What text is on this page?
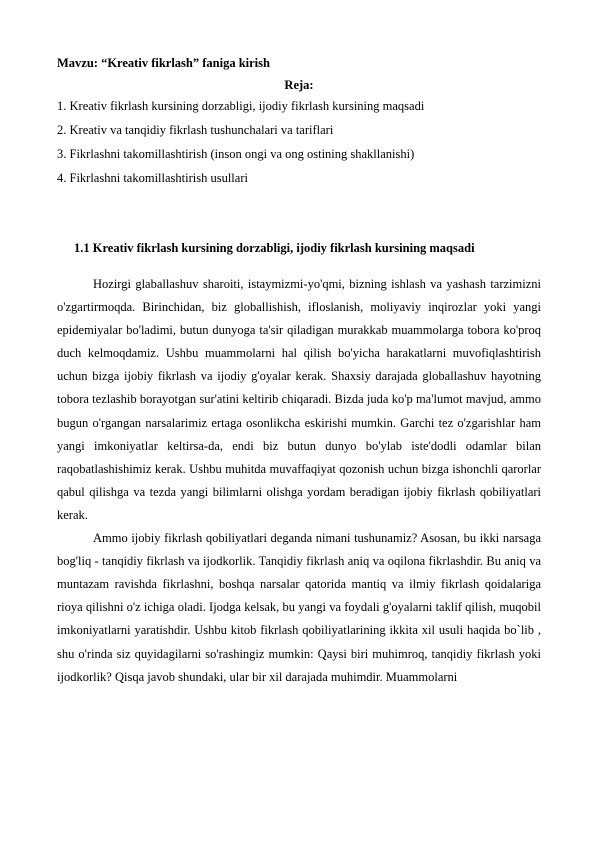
Mavzu: “Kreativ fikrlash” faniga kirish

Reja:

1. Kreativ fikrlash kursining dorzabligi, ijodiy fikrlash kursining maqsadi
2. Kreativ va tanqidiy fikrlash tushunchalari va tariflari
3. Fikrlashni takomillashtirish (inson ongi va ong ostining shakllanishi)
4. Fikrlashni takomillashtirish usullari
1.1 Kreativ fikrlash kursining dorzabligi, ijodiy fikrlash kursining maqsadi

Hozirgi glaballashuv sharoiti, istaymizmi-yo'qmi, bizning ishlash va yashash tarzimizni o'zgartirmoqda. Birinchidan, biz globallishish, ifloslanish, moliyaviy inqirozlar yoki yangi epidemiyalar bo'ladimi, butun dunyoga ta'sir qiladigan murakkab muammolarga tobora ko'proq duch kelmoqdamiz. Ushbu muammolarni hal qilish bo'yicha harakatlarni muvofiqlashtirish uchun bizga ijobiy fikrlash va ijodiy g'oyalar kerak. Shaxsiy darajada globallashuv hayotning tobora tezlashib borayotgan sur'atini keltirib chiqaradi. Bizda juda ko'p ma'lumot mavjud, ammo bugun o'rgangan narsalarimiz ertaga osonlikcha eskirishi mumkin. Garchi tez o'zgarishlar ham yangi imkoniyatlar keltirsa-da, endi biz butun dunyo bo'ylab iste'dodli odamlar bilan raqobatlashishimiz kerak. Ushbu muhitda muvaffaqiyat qozonish uchun bizga ishonchli qarorlar qabul qilishga va tezda yangi bilimlarni olishga yordam beradigan ijobiy fikrlash qobiliyatlari kerak.

Ammo ijobiy fikrlash qobiliyatlari deganda nimani tushunamiz? Asosan, bu ikki narsaga bog'liq - tanqidiy fikrlash va ijodkorlik. Tanqidiy fikrlash aniq va oqilona fikrlashdir. Bu aniq va muntazam ravishda fikrlashni, boshqa narsalar qatorida mantiq va ilmiy fikrlash qoidalariga rioya qilishni o'z ichiga oladi. Ijodga kelsak, bu yangi va foydali g'oyalarni taklif qilish, muqobil imkoniyatlarni yaratishdir. Ushbu kitob fikrlash qobiliyatlarining ikkita xil usuli haqida bo`lib , shu o'rinda siz quyidagilarni so'rashingiz mumkin: Qaysi biri muhimroq, tanqidiy fikrlash yoki ijodkorlik? Qisqa javob shundaki, ular bir xil darajada muhimdir. Muammolarni
